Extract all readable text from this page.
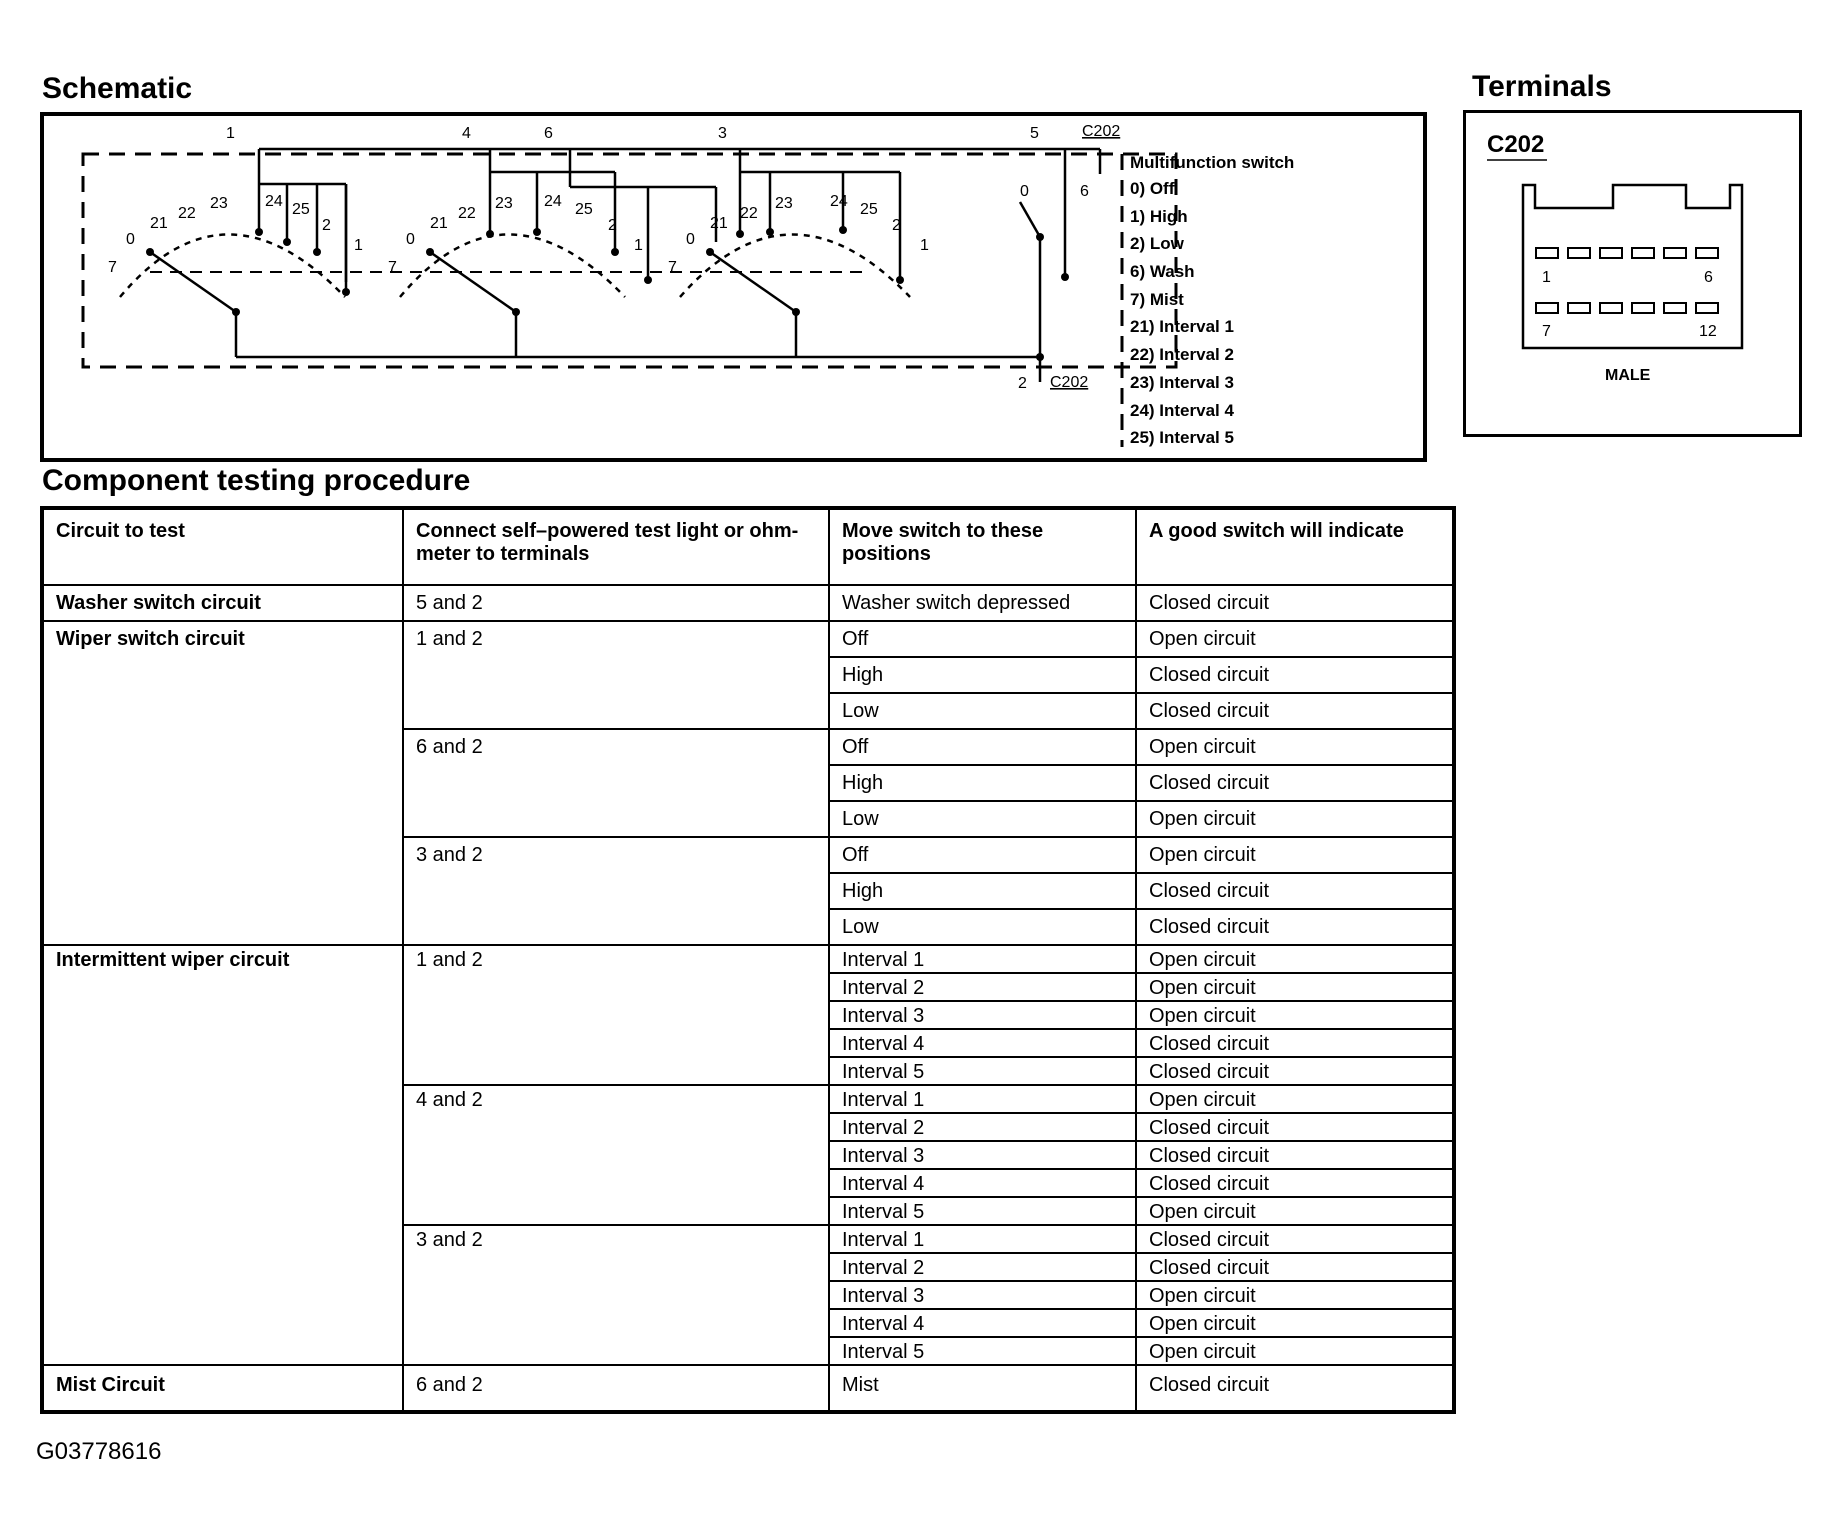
Schematic
1	4	6	3	5	C202
C202
2
7
0
21
22
23 24 25
2
1
7
0
21
22
23 24 25
2
1
7
0
21
22
23 24 25
2
1
0	6
Multifunction switch
0) Off
1) High
2) Low
6) Wash
7) Mist
21) Interval 1
22) Interval 2
23) Interval 3
24) Interval 4
25) Interval 5
Terminals
C202
1	6
7	12
MALE
Component testing procedure
Circuit to test	Connect self–powered test light or ohm-meter to terminals	Move switch to these positions	A good switch will indicate
Washer switch circuit	5 and 2	Washer switch depressed	Closed circuit
Wiper switch circuit	1 and 2	Off	Open circuit
		High	Closed circuit
		Low	Closed circuit
	6 and 2	Off	Open circuit
		High	Closed circuit
		Low	Open circuit
	3 and 2	Off	Open circuit
		High	Closed circuit
		Low	Closed circuit
Intermittent wiper circuit	1 and 2	Interval 1	Open circuit
		Interval 2	Open circuit
		Interval 3	Open circuit
		Interval 4	Closed circuit
		Interval 5	Closed circuit
	4 and 2	Interval 1	Open circuit
		Interval 2	Closed circuit
		Interval 3	Closed circuit
		Interval 4	Closed circuit
		Interval 5	Open circuit
	3 and 2	Interval 1	Closed circuit
		Interval 2	Closed circuit
		Interval 3	Open circuit
		Interval 4	Open circuit
		Interval 5	Open circuit
Mist Circuit	6 and 2	Mist	Closed circuit
G03778616
